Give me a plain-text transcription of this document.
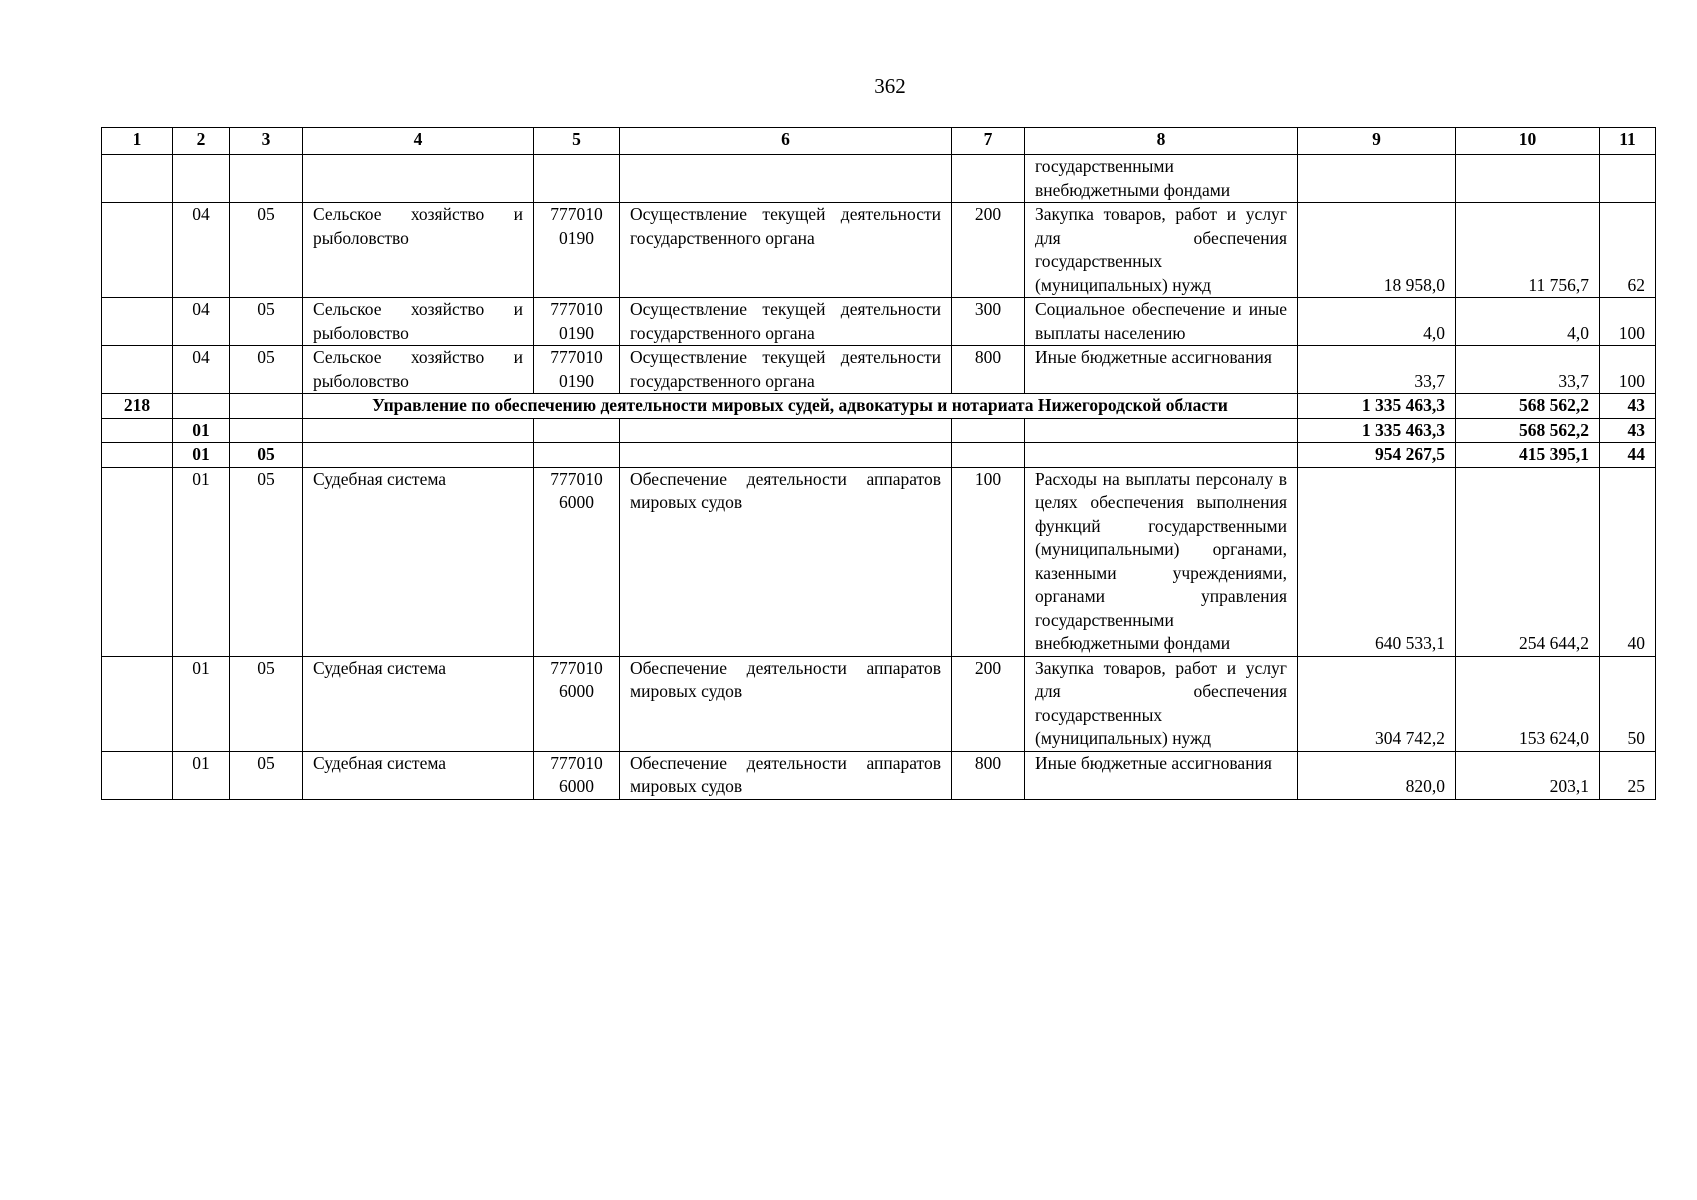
362
1	2	3	4	5	6	7	8	9	10	11
							государственными внебюджетными фондами			
	04	05	Сельское хозяйство и рыболовство	777010 0190	Осуществление текущей деятельности государственного органа	200	Закупка товаров, работ и услуг для обеспечения государственных (муниципальных) нужд	18 958,0	11 756,7	62
	04	05	Сельское хозяйство и рыболовство	777010 0190	Осуществление текущей деятельности государственного органа	300	Социальное обеспечение и иные выплаты населению	4,0	4,0	100
	04	05	Сельское хозяйство и рыболовство	777010 0190	Осуществление текущей деятельности государственного органа	800	Иные бюджетные ассигнования	33,7	33,7	100
218			Управление по обеспечению деятельности мировых судей, адвокатуры и нотариата Нижегородской области					1 335 463,3	568 562,2	43
	01							1 335 463,3	568 562,2	43
	01	05						954 267,5	415 395,1	44
	01	05	Судебная система	777010 6000	Обеспечение деятельности аппаратов мировых судов	100	Расходы на выплаты персоналу в целях обеспечения выполнения функций государственными (муниципальными) органами, казенными учреждениями, органами управления государственными внебюджетными фондами	640 533,1	254 644,2	40
	01	05	Судебная система	777010 6000	Обеспечение деятельности аппаратов мировых судов	200	Закупка товаров, работ и услуг для обеспечения государственных (муниципальных) нужд	304 742,2	153 624,0	50
	01	05	Судебная система	777010 6000	Обеспечение деятельности аппаратов мировых судов	800	Иные бюджетные ассигнования	820,0	203,1	25
